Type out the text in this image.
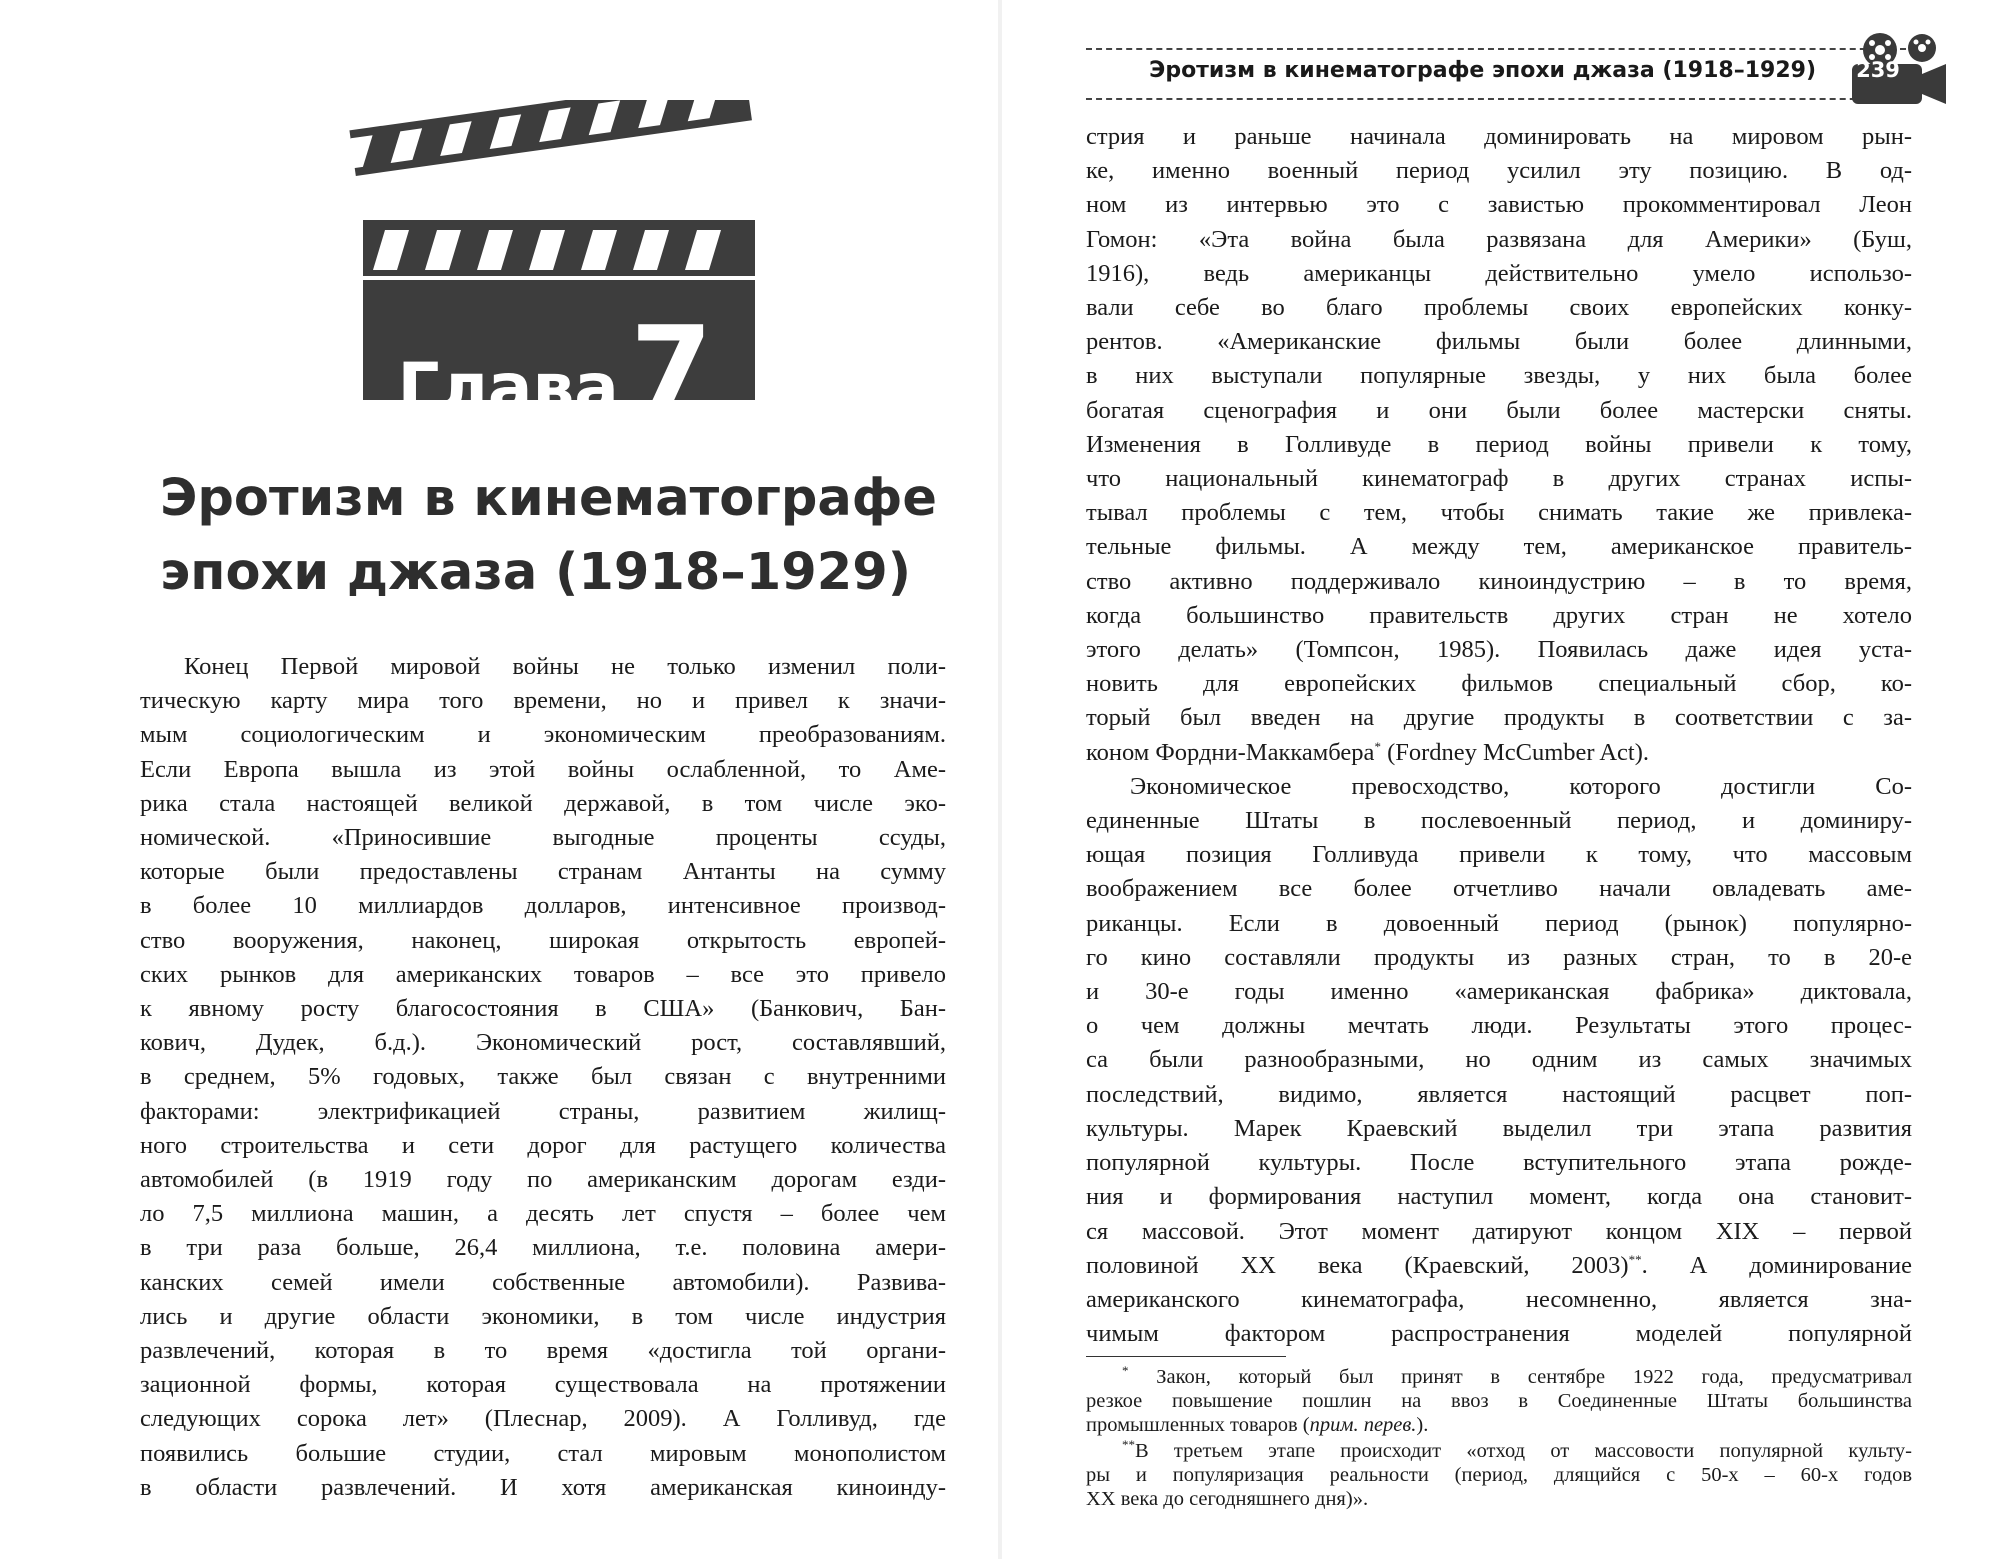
Глава 7
Эротизм в кинематографе
эпохи джаза (1918–1929)
Конец Первой мировой войны не только изменил поли-
тическую карту мира того времени, но и привел к значи-
мым социологическим и экономическим преобразованиям.
Если Европа вышла из этой войны ослабленной, то Аме-
рика стала настоящей великой державой, в том числе эко-
номической. «Приносившие выгодные проценты ссуды,
которые были предоставлены странам Антанты на сумму
в более 10 миллиардов долларов, интенсивное производ-
ство вооружения, наконец, широкая открытость европей-
ских рынков для американских товаров – все это привело
к явному росту благосостояния в США» (Банкович, Бан-
кович, Дудек, б.д.). Экономический рост, составлявший,
в среднем, 5% годовых, также был связан с внутренними
факторами: электрификацией страны, развитием жилищ-
ного строительства и сети дорог для растущего количества
автомобилей (в 1919 году по американским дорогам езди-
ло 7,5 миллиона машин, а десять лет спустя – более чем
в три раза больше, 26,4 миллиона, т.е. половина амери-
канских семей имели собственные автомобили). Развива-
лись и другие области экономики, в том числе индустрия
развлечений, которая в то время «достигла той органи-
зационной формы, которая существовала на протяжении
следующих сорока лет» (Плеснар, 2009). А Голливуд, где
появились большие студии, стал мировым монополистом
в области развлечений. И хотя американская киноинду-
Эротизм в кинематографе эпохи джаза (1918–1929) 239
стрия и раньше начинала доминировать на мировом рын-
ке, именно военный период усилил эту позицию. В од-
ном из интервью это с завистью прокомментировал Леон
Гомон: «Эта война была развязана для Америки» (Буш,
1916), ведь американцы действительно умело использо-
вали себе во благо проблемы своих европейских конку-
рентов. «Американские фильмы были более длинными,
в них выступали популярные звезды, у них была более
богатая сценография и они были более мастерски сняты.
Изменения в Голливуде в период войны привели к тому,
что национальный кинематограф в других странах испы-
тывал проблемы с тем, чтобы снимать такие же привлека-
тельные фильмы. А между тем, американское правитель-
ство активно поддерживало киноиндустрию – в то время,
когда большинство правительств других стран не хотело
этого делать» (Томпсон, 1985). Появилась даже идея уста-
новить для европейских фильмов специальный сбор, ко-
торый был введен на другие продукты в соответствии с за-
коном Фордни-Маккамбера* (Fordney McCumber Act).
Экономическое превосходство, которого достигли Со-
единенные Штаты в послевоенный период, и доминиру-
ющая позиция Голливуда привели к тому, что массовым
воображением все более отчетливо начали овладевать аме-
риканцы. Если в довоенный период (рынок) популярно-
го кино составляли продукты из разных стран, то в 20-е
и 30-е годы именно «американская фабрика» диктовала,
о чем должны мечтать люди. Результаты этого процес-
са были разнообразными, но одним из самых значимых
последствий, видимо, является настоящий расцвет поп-
культуры. Марек Краевский выделил три этапа развития
популярной культуры. После вступительного этапа рожде-
ния и формирования наступил момент, когда она становит-
ся массовой. Этот момент датируют концом XIX – первой
половиной XX века (Краевский, 2003)**. А доминирование
американского кинематографа, несомненно, является зна-
чимым фактором распространения моделей популярной
* Закон, который был принят в сентябре 1922 года, предусматривал
резкое повышение пошлин на ввоз в Соединенные Штаты большинства
промышленных товаров (прим. перев.).
**В третьем этапе происходит «отход от массовости популярной культу-
ры и популяризация реальности (период, длящийся с 50-х – 60-х годов
XX века до сегодняшнего дня)».
